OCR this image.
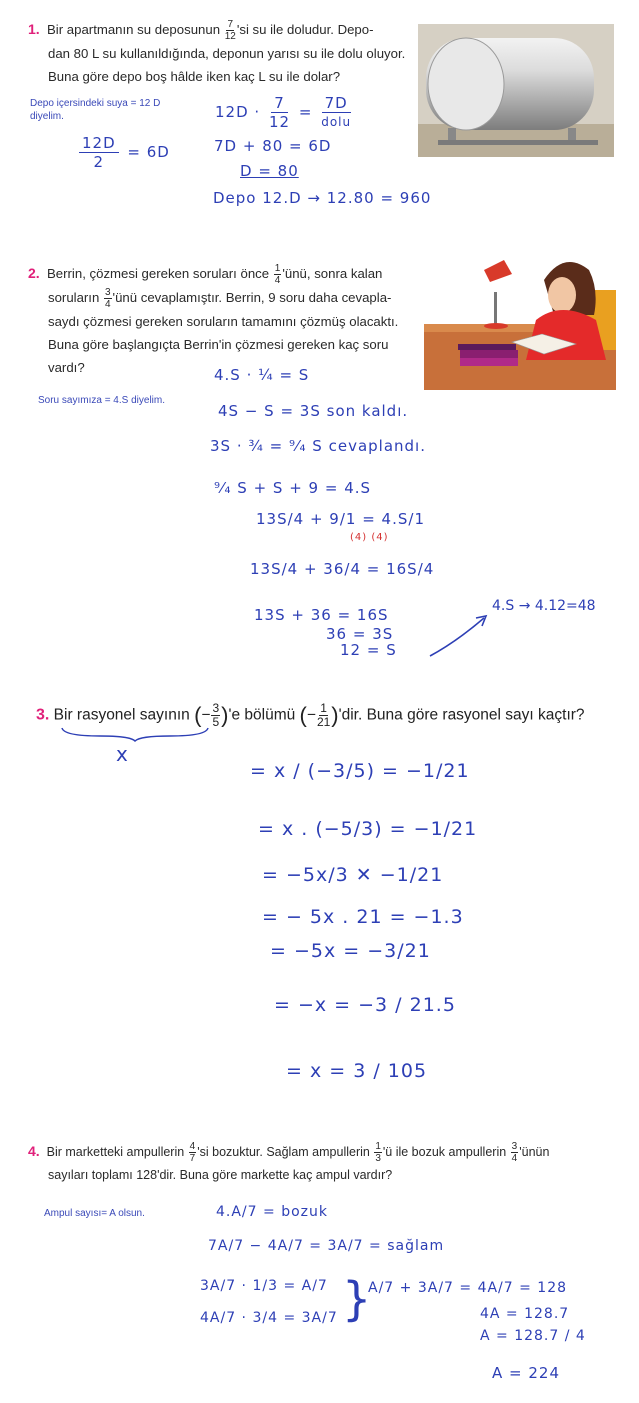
1. Bir apartmanın su deposunun $\frac{7}{12}$ 'si su ile doludur. Depo-
dan 80 L su kullanıldığında, deponun yarısı su ile dolu oluyor.
Buna göre depo boş hâlde iken kaç L su ile dolar?
Depo içersindeki suya = 12 D diyelim.	$12D \cdot \frac{7}{12} = 7D$
dolu
$\frac{12D}{2} = 6D$	7D + 80 = 6D
D = 80
Depo 12.D → 12.80 = 960
2. Berrin, çözmesi gereken soruları önce $\frac{1}{4}$ 'ünü, sonra kalan
soruların $\frac{3}{4}$ 'ünü cevaplamıştır. Berrin, 9 soru daha cevapla-
saydı çözmesi gereken soruların tamamını çözmüş olacaktı.
Buna göre başlangıçta Berrin'in çözmesi gereken kaç soru
vardı?
Soru sayımıza = 4.S diyelim.
4.S · ¼ = S
4S − S = 3S son kaldı.
3S · ¾ = ⁹⁄₄ S cevaplandı.
⁹⁄₄ S + S + 9 = 4.S
13S/4 + 9/1 = 4.S/1
(4) (4)
13S/4 + 36/4 = 16S/4
13S + 36 = 16S
36 = 3S
12 = S
4.S → 4.12=48
3. Bir rasyonel sayının (− $\frac{3}{5} )'e$ bölümü (− $\frac{1}{21} )'dir$. Buna göre rasyonel sayı kaçtır?
x
= x / (−3/5) = −1/21
= x . (−5/3) = −1/21
= −5x/3 ✕ −1/21
= − 5x . 21 = −1.3
= −5x = −3/21
= −x = −3 / 21.5
= x = 3 / 105
4. Bir marketteki ampullerin $\frac{4}{7}$ 'si bozuktur. Sağlam ampullerin $\frac{1}{3}$ 'ü ile bozuk ampullerin $\frac{3}{4}$ 'ünün
sayıları toplamı 128'dir. Buna göre markette kaç ampul vardır?
Ampul sayısı= A olsun.	4.A/7 = bozuk
7A/7 − 4A/7 = 3A/7 = sağlam
3A/7 · 1/3 = A/7
4A/7 · 3/4 = 3A/7 }
A/7 + 3A/7 = 4A/7 = 128
4A = 128.7
A = 128.7 / 4
A = 224
